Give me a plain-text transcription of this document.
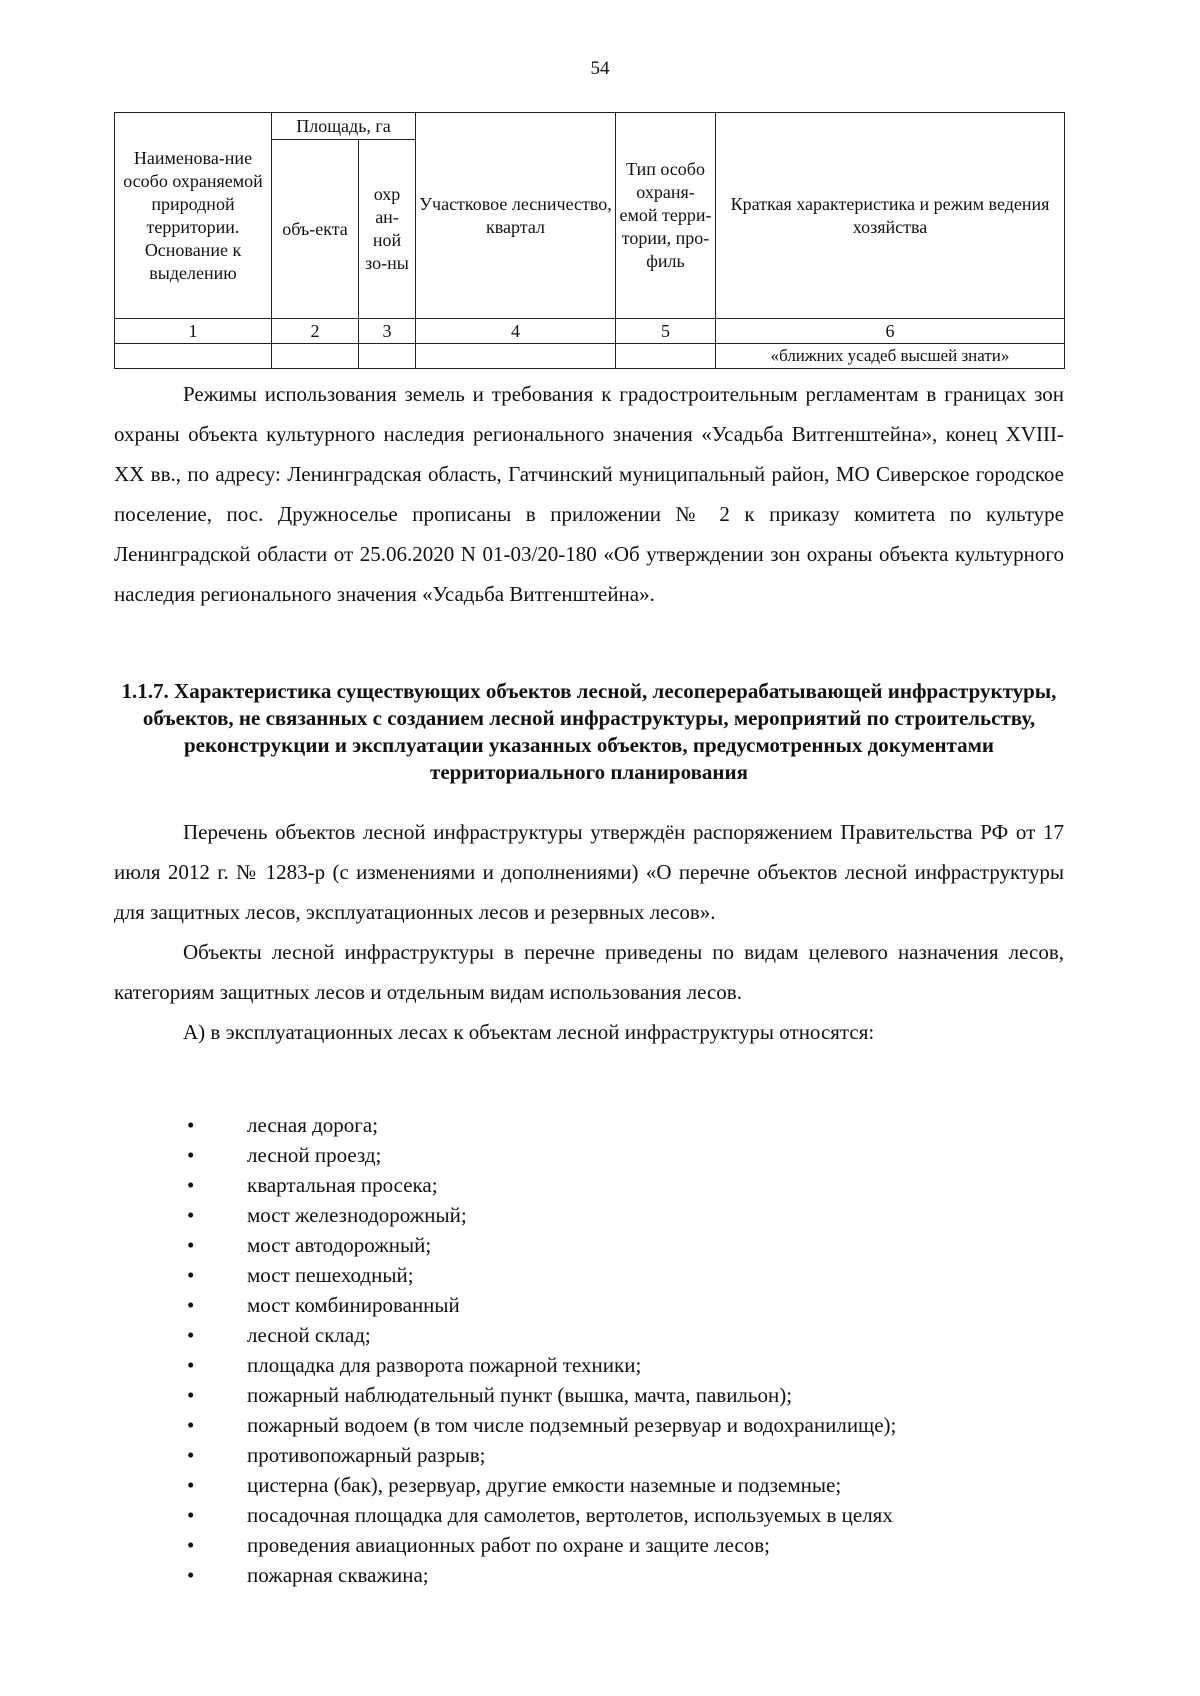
54
Наименова-ние особо охраняемой природной территории. Основание к выделению	Площадь, га		Участковое лесничество, квартал	Тип особо охраня-емой терри-тории, про-филь	Краткая характеристика и режим ведения хозяйства
	объ-екта	охр ан-ной зо-ны			
1	2	3	4	5	6
					«ближних усадеб высшей знати»

Режимы использования земель и требования к градостроительным регламентам в границах зон охраны объекта культурного наследия регионального значения «Усадьба Витгенштейна», конец XVIII-XX вв., по адресу: Ленинградская область, Гатчинский муниципальный район, МО Сиверское городское поселение, пос. Дружноселье прописаны в приложении № 2 к приказу комитета по культуре Ленинградской области от 25.06.2020 N 01-03/20-180 «Об утверждении зон охраны объекта культурного наследия регионального значения «Усадьба Витгенштейна».

1.1.7. Характеристика существующих объектов лесной, лесоперерабатывающей инфраструктуры, объектов, не связанных с созданием лесной инфраструктуры, мероприятий по строительству, реконструкции и эксплуатации указанных объектов, предусмотренных документами территориального планирования

Перечень объектов лесной инфраструктуры утверждён распоряжением Правительства РФ от 17 июля 2012 г. № 1283-р (с изменениями и дополнениями) «О перечне объектов лесной инфраструктуры для защитных лесов, эксплуатационных лесов и резервных лесов».

Объекты лесной инфраструктуры в перечне приведены по видам целевого назначения лесов, категориям защитных лесов и отдельным видам использования лесов.

А) в эксплуатационных лесах к объектам лесной инфраструктуры относятся:

•	лесная дорога;
•	лесной проезд;
•	квартальная просека;
•	мост железнодорожный;
•	мост автодорожный;
•	мост пешеходный;
•	мост комбинированный
•	лесной склад;
•	площадка для разворота пожарной техники;
•	пожарный наблюдательный пункт (вышка, мачта, павильон);
•	пожарный водоем (в том числе подземный резервуар и водохранилище);
•	противопожарный разрыв;
•	цистерна (бак), резервуар, другие емкости наземные и подземные;
•	посадочная площадка для самолетов, вертолетов, используемых в целях
•	проведения авиационных работ по охране и защите лесов;
•	пожарная скважина;
